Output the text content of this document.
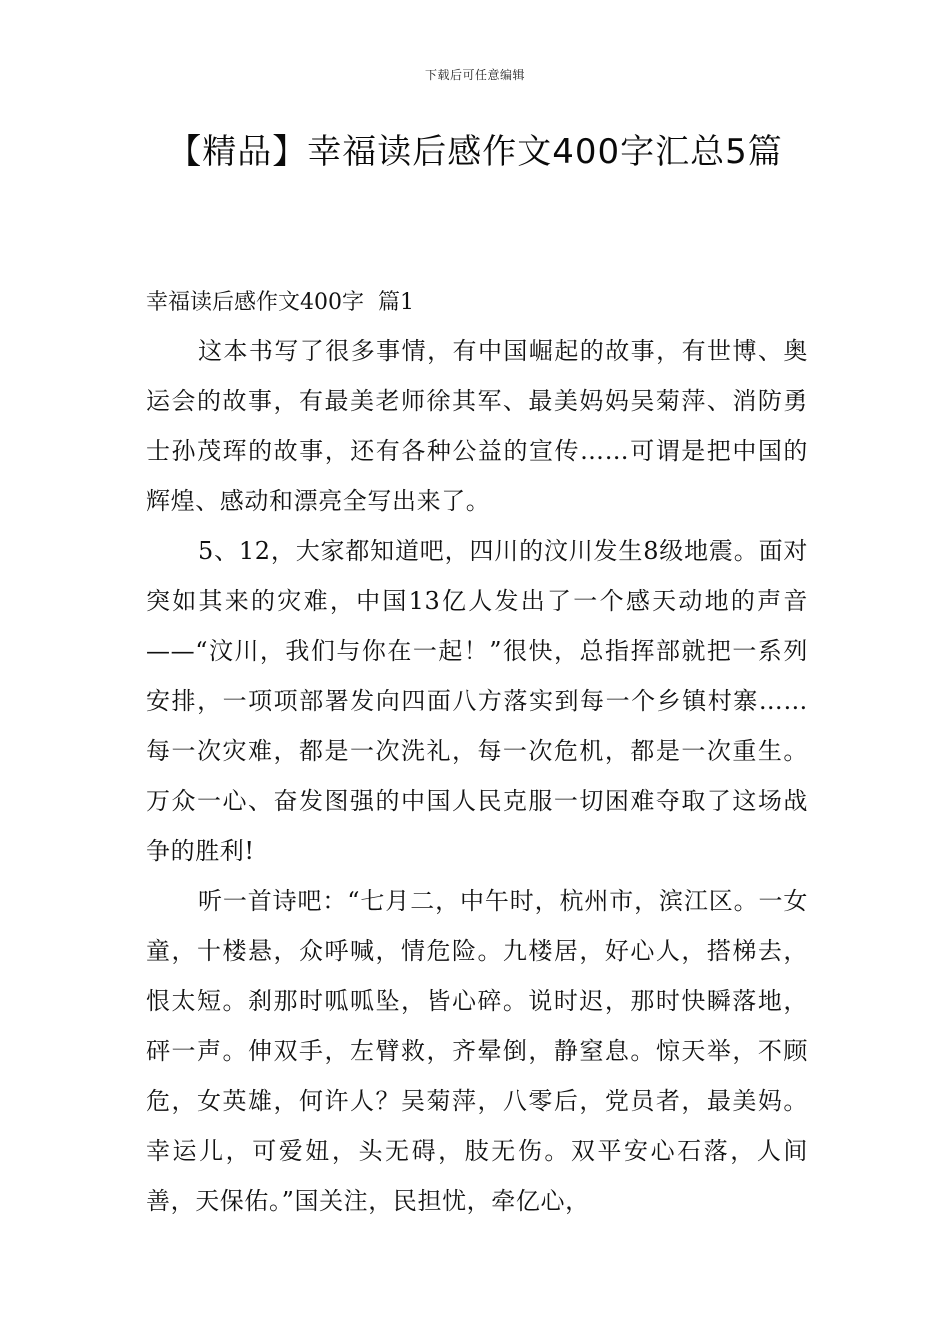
下载后可任意编辑
【精品】幸福读后感作文400字汇总5篇
幸福读后感作文400字  篇1

这本书写了很多事情，有中国崛起的故事，有世博、奥运会的故事，有最美老师徐其军、最美妈妈吴菊萍、消防勇士孙茂珲的故事，还有各种公益的宣传……可谓是把中国的辉煌、感动和漂亮全写出来了。

5、12，大家都知道吧，四川的汶川发生8级地震。面对突如其来的灾难，中国13亿人发出了一个感天动地的声音——“汶川，我们与你在一起！”很快，总指挥部就把一系列安排，一项项部署发向四面八方落实到每一个乡镇村寨……每一次灾难，都是一次洗礼，每一次危机，都是一次重生。万众一心、奋发图强的中国人民克服一切困难夺取了这场战争的胜利!

听一首诗吧：“七月二，中午时，杭州市，滨江区。一女童，十楼悬，众呼喊，情危险。九楼居，好心人，搭梯去，恨太短。刹那时呱呱坠，皆心碎。说时迟，那时快瞬落地，砰一声。伸双手，左臂救，齐晕倒，静窒息。惊天举，不顾危，女英雄，何许人？吴菊萍，八零后，党员者，最美妈。幸运儿，可爱妞，头无碍，肢无伤。双平安心石落，人间善，天保佑。”国关注，民担忧，牵亿心，
